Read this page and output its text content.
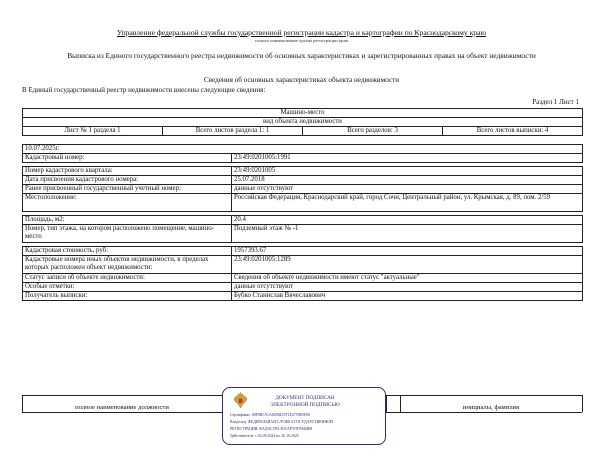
Управление федеральной службы государственной регистрации кадастра и картографии по Краснодарскому краю
полное наименование органа регистрации прав
Выписка из Единого государственного реестра недвижимости об основных характеристиках и зарегистрированных правах на объект недвижимости
Сведения об основных характеристиках объекта недвижимости
В Единый государственный реестр недвижимости внесены следующие сведения:
Раздел 1 Лист 1
Машино-место
вид объекта недвижимости
Лист № 1 раздела 1	Всего листов раздела 1: 1	Всего разделов: 3	Всего листов выписки: 4
10.07.2025г.	
Кадастровый номер:	23:49:0201005:1991

Номер кадастрового квартала:	23:49:0201005
Дата присвоения кадастрового номера:	25.07.2018
Ранее присвоенный государственный учетный номер:	данные отсутствуют
Местоположение:	Российская Федерация, Краснодарский край, город Сочи, Центральный район, ул. Крымская, д. 89, пом. 2/59

Площадь, м2:	20.4
Номер, тип этажа, на котором расположено помещение, машино-место	Подземный этаж № -1

Кадастровая стоимость, руб:	1957393.67
Кадастровые номера иных объектов недвижимости, в пределах которых расположен объект недвижимости:	23:49:0201005:1289
Статус записи об объекте недвижимости:	Сведения об объекте недвижимости имеют статус "актуальные"
Особые отметки:	данные отсутствуют
Получатель выписки:	Бубко Станислав Вячеславович
полное наименование должности	инициалы, фамилия
ДОКУМЕНТ ПОДПИСАН
ЭЛЕКТРОННОЙ ПОДПИСЬЮ
Сертификат: 00F0BC91A8298437F1E2759E5F80
Владелец: ФЕДЕРАЛЬНАЯ СЛУЖБА ГОСУДАРСТВЕННОЙ
РЕГИСТРАЦИИ, КАДАСТРА И КАРТОГРАФИИ
Действителен: с 02.09.2024 по 26.10.2025
